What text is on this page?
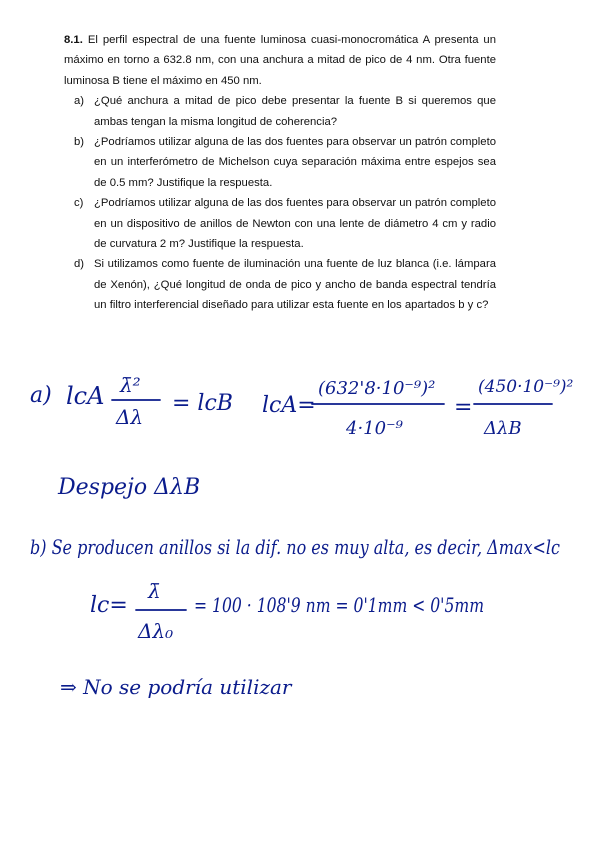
8.1. El perfil espectral de una fuente luminosa cuasi-monocromática A presenta un máximo en torno a 632.8 nm, con una anchura a mitad de pico de 4 nm. Otra fuente luminosa B tiene el máximo en 450 nm.
a) ¿Qué anchura a mitad de pico debe presentar la fuente B si queremos que ambas tengan la misma longitud de coherencia?
b) ¿Podríamos utilizar alguna de las dos fuentes para observar un patrón completo en un interferómetro de Michelson cuya separación máxima entre espejos sea de 0.5 mm? Justifique la respuesta.
c) ¿Podríamos utilizar alguna de las dos fuentes para observar un patrón completo en un dispositivo de anillos de Newton con una lente de diámetro 4 cm y radio de curvatura 2 m? Justifique la respuesta.
d) Si utilizamos como fuente de iluminación una fuente de luz blanca (i.e. lámpara de Xenón), ¿Qué longitud de onda de pico y ancho de banda espectral tendría un filtro interferencial diseñado para utilizar esta fuente en los apartados b y c?
a) lcA λ̄²
Δλ
= lcB lcA=
(632'8·10⁻⁹)²
4·10⁻⁹
=
(450·10⁻⁹)²
ΔλB
Despejo ΔλB
b) Se producen anillos si la dif. no es muy alta, es decir, Δmax<lc
lc=
λ̄
Δλ₀
= 100 · 108'9 nm = 0'1mm < 0'5mm
⇒ No se podría utilizar
